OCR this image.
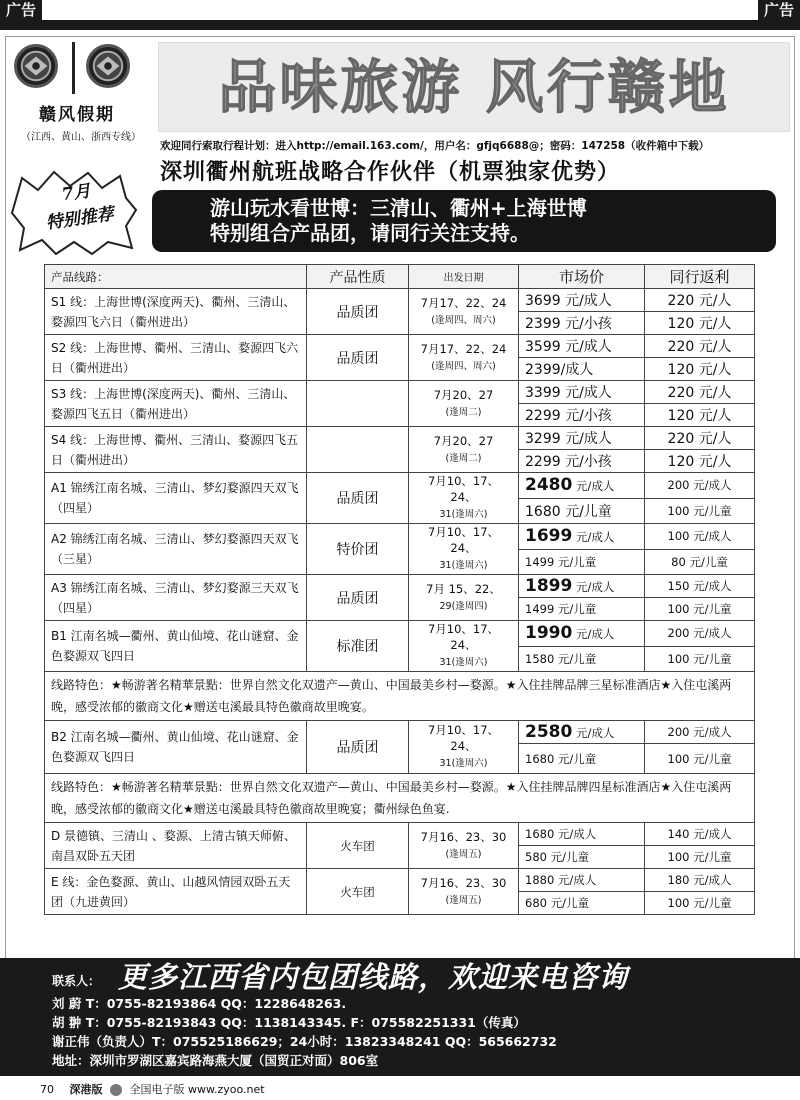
广告	广告
赣风假期
（江西、黄山、浙西专线）
品味旅游 风行赣地
欢迎同行索取行程计划：进入http://email.163.com/，用户名：gfjq6688@；密码：147258（收件箱中下载）
深圳衢州航班战略合作伙伴（机票独家优势）
7月
特别推荐	游山玩水看世博：三清山、衢州+上海世博
特别组合产品团，请同行关注支持。
产品线路：	产品性质	出发日期	市场价	同行返利
S1 线：上海世博(深度两天)、衢州、三清山、婺源四飞六日（衢州进出）	品质团	7月17、22、24
(逢周四、周六)	3699 元/成人	220 元/人
			2399 元/小孩	120 元/人
S2 线：上海世博、衢州、三清山、婺源四飞六日（衢州进出）	品质团	7月17、22、24
(逢周四、周六)	3599 元/成人	220 元/人
			2399/成人	120 元/人
S3 线：上海世博(深度两天)、衢州、三清山、婺源四飞五日（衢州进出）		7月20、27
(逢周二)	3399 元/成人	220 元/人
			2299 元/小孩	120 元/人
S4 线：上海世博、衢州、三清山、婺源四飞五日（衢州进出）		7月20、27
(逢周二)	3299 元/成人	220 元/人
			2299 元/小孩	120 元/人
A1 锦绣江南名城、三清山、梦幻婺源四天双飞（四星）	品质团	7月10、17、24、
31(逢周六)	2480 元/成人	200 元/成人
			1680 元/儿童	100 元/儿童
A2 锦绣江南名城、三清山、梦幻婺源四天双飞（三星）	特价团	7月10、17、24、
31(逢周六)	1699 元/成人	100 元/成人
			1499 元/儿童	80 元/儿童
A3 锦绣江南名城、三清山、梦幻婺源三天双飞（四星）	品质团	7月 15、22、
29(逢周四)	1899 元/成人	150 元/成人
			1499 元/儿童	100 元/儿童
B1 江南名城—衢州、黄山仙境、花山谜窟、金色婺源双飞四日	标准团	7月10、17、24、
31(逢周六)	1990 元/成人	200 元/成人
			1580 元/儿童	100 元/儿童
线路特色：★畅游著名精華景點：世界自然文化双遗产—黄山、中国最美乡村—婺源。★入住挂牌品牌三星标准酒店★入住屯溪两晚，感受浓郁的徽商文化★赠送屯溪最具特色徽商故里晚宴。				
B2 江南名城—衢州、黄山仙境、花山谜窟、金色婺源双飞四日	品质团	7月10、17、24、
31(逢周六)	2580 元/成人	200 元/成人
			1680 元/儿童	100 元/儿童
线路特色：★畅游著名精華景點：世界自然文化双遗产—黄山、中国最美乡村—婺源。★入住挂牌品牌四星标准酒店★入住屯溪两晚，感受浓郁的徽商文化★赠送屯溪最具特色徽商故里晚宴；衢州绿色鱼宴.				
D 景德镇、三清山 、婺源、上清古镇天师俯、南昌双卧五天团	火车团	7月16、23、30
(逢周五)	1680 元/成人	140 元/成人
			580 元/儿童	100 元/儿童
E 线：金色婺源、黄山、山越风情园双卧五天团（九进黄回）	火车团	7月16、23、30
(逢周五)	1880 元/成人	180 元/成人
			680 元/儿童	100 元/儿童
更多江西省内包团线路，欢迎来电咨询
联系人：
刘 蔚 T：0755-82193864 QQ：1228648263.
胡 翀 T：0755-82193843 QQ：1138143345. F：075582251331（传真）
谢正伟（负责人）T：075525186629；24小时：13823348241 QQ：565662732
地址：深圳市罗湖区嘉宾路海燕大厦（国贸正对面）806室
70 深港版 全国电子版 www.zyoo.net
